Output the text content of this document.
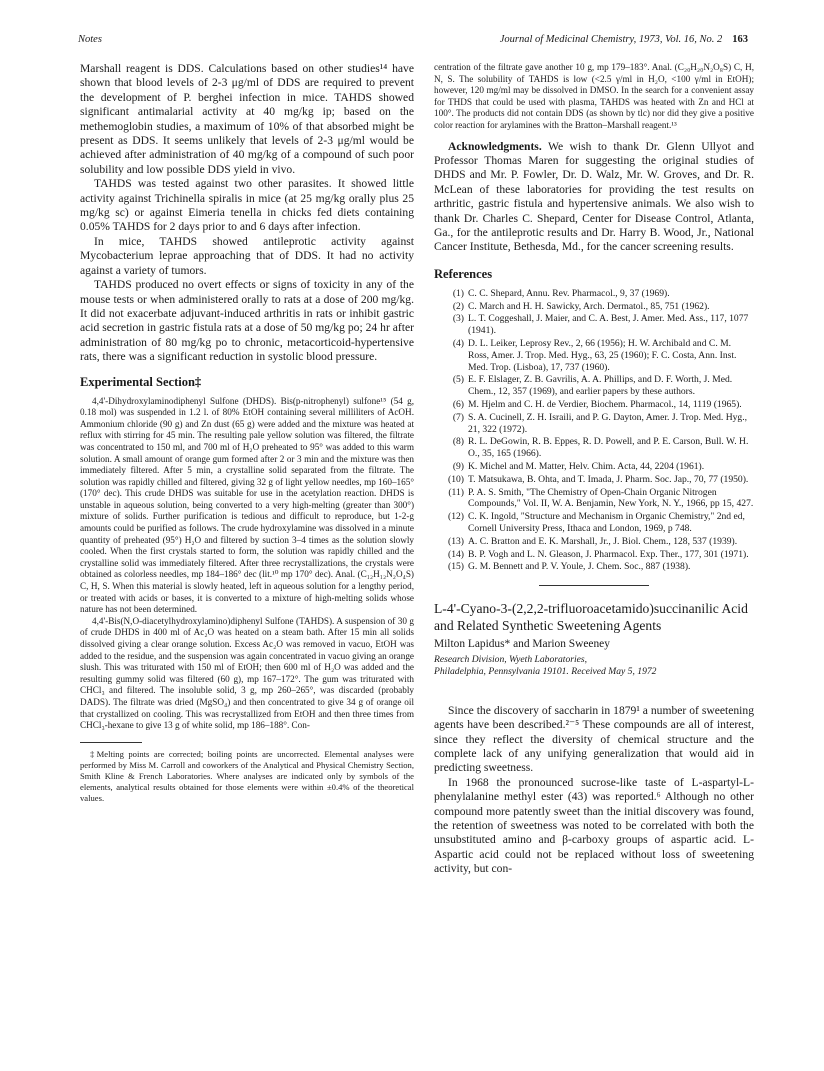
Notes	Journal of Medicinal Chemistry, 1973, Vol. 16, No. 2 163

Marshall reagent is DDS. Calculations based on other studies¹⁴ have shown that blood levels of 2-3 μg/ml of DDS are required to prevent the development of P. berghei infection in mice. TAHDS showed significant antimalarial activity at 40 mg/kg ip; based on the methemoglobin studies, a maximum of 10% of that absorbed might be present as DDS. It seems unlikely that levels of 2-3 μg/ml would be achieved after administration of 40 mg/kg of a compound of such poor solubility and low possible DDS yield in vivo.

TAHDS was tested against two other parasites. It showed little activity against Trichinella spiralis in mice (at 25 mg/kg orally plus 25 mg/kg sc) or against Eimeria tenella in chicks fed diets containing 0.05% TAHDS for 2 days prior to and 6 days after infection.

In mice, TAHDS showed antileprotic activity against Mycobacterium leprae approaching that of DDS. It had no activity against a variety of tumors.

TAHDS produced no overt effects or signs of toxicity in any of the mouse tests or when administered orally to rats at a dose of 200 mg/kg. It did not exacerbate adjuvant-induced arthritis in rats or inhibit gastric acid secretion in gastric fistula rats at a dose of 50 mg/kg po; 24 hr after administration of 80 mg/kg po to chronic, metacorticoid-hypertensive rats, there was a significant reduction in systolic blood pressure.

Experimental Section‡

4,4'-Dihydroxylaminodiphenyl Sulfone (DHDS). Bis(p-nitrophenyl) sulfone¹⁵ (54 g, 0.18 mol) was suspended in 1.2 l. of 80% EtOH containing several milliliters of AcOH. Ammonium chloride (90 g) and Zn dust (65 g) were added and the mixture was heated at reflux with stirring for 45 min. The resulting pale yellow solution was filtered, the filtrate was concentrated to 150 ml, and 700 ml of H₂O preheated to 95° was added to this warm solution. A small amount of orange gum formed after 2 or 3 min and the mixture was then immediately filtered. After 5 min, a crystalline solid separated from the filtrate. The solution was rapidly chilled and filtered, giving 32 g of light yellow needles, mp 160–165° (170° dec). This crude DHDS was suitable for use in the acetylation reaction. DHDS is unstable in aqueous solution, being converted to a very high-melting (greater than 300°) mixture of solids. Further purification is tedious and difficult to reproduce, but 1-2-g amounts could be purified as follows. The crude hydroxylamine was dissolved in a minute quantity of preheated (95°) H₂O and filtered by suction 3–4 times as the solution slowly cooled. When the first crystals started to form, the solution was rapidly chilled and the crystalline solid was immediately filtered. After three recrystallizations, the crystals were obtained as colorless needles, mp 184–186° dec (lit.¹⁰ mp 170° dec). Anal. (C₁₂H₁₂N₂O₄S) C, H, S. When this material is slowly heated, left in aqueous solution for a lengthy period, or treated with acids or bases, it is converted to a mixture of high-melting solids whose nature has not been determined.

4,4'-Bis(N,O-diacetylhydroxylamino)diphenyl Sulfone (TAHDS). A suspension of 30 g of crude DHDS in 400 ml of Ac₂O was heated on a steam bath. After 15 min all solids dissolved giving a clear orange solution. Excess Ac₂O was removed in vacuo, EtOH was added to the residue, and the suspension was again concentrated in vacuo giving an orange slush. This was triturated with 150 ml of EtOH; then 600 ml of H₂O was added and the resulting gummy solid was filtered (60 g), mp 167–172°. The gum was triturated with CHCl₃ and filtered. The insoluble solid, 3 g, mp 260–265°, was discarded (probably DADS). The filtrate was dried (MgSO₄) and then concentrated to give 34 g of orange oil that crystallized on cooling. This was recrystallized from EtOH and then three times from CHCl₃-hexane to give 13 g of white solid, mp 186–188°. Con-

‡Melting points are corrected; boiling points are uncorrected. Elemental analyses were performed by Miss M. Carroll and coworkers of the Analytical and Physical Chemistry Section, Smith Kline & French Laboratories. Where analyses are indicated only by symbols of the elements, analytical results obtained for those elements were within ±0.4% of the theoretical values.

centration of the filtrate gave another 10 g, mp 179–183°. Anal. (C₂₀H₂₀N₂O₈S) C, H, N, S. The solubility of TAHDS is low (<2.5 γ/ml in H₂O, <100 γ/ml in EtOH); however, 120 mg/ml may be dissolved in DMSO. In the search for a convenient assay for THDS that could be used with plasma, TAHDS was heated with Zn and HCl at 100°. The products did not contain DDS (as shown by tlc) nor did they give a positive color reaction for arylamines with the Bratton–Marshall reagent.¹³

Acknowledgments. We wish to thank Dr. Glenn Ullyot and Professor Thomas Maren for suggesting the original studies of DHDS and Mr. P. Fowler, Dr. D. Walz, Mr. W. Groves, and Dr. R. McLean of these laboratories for providing the test results on arthritic, gastric fistula and hypertensive animals. We also wish to thank Dr. Charles C. Shepard, Center for Disease Control, Atlanta, Ga., for the antileprotic results and Dr. Harry B. Wood, Jr., National Cancer Institute, Bethesda, Md., for the cancer screening results.

References
(1) C. C. Shepard, Annu. Rev. Pharmacol., 9, 37 (1969).
(2) C. March and H. H. Sawicky, Arch. Dermatol., 85, 751 (1962).
(3) L. T. Coggeshall, J. Maier, and C. A. Best, J. Amer. Med. Ass., 117, 1077 (1941).
(4) D. L. Leiker, Leprosy Rev., 2, 66 (1956); H. W. Archibald and C. M. Ross, Amer. J. Trop. Med. Hyg., 63, 25 (1960); F. C. Costa, Ann. Inst. Med. Trop. (Lisboa), 17, 737 (1960).
(5) E. F. Elslager, Z. B. Gavrilis, A. A. Phillips, and D. F. Worth, J. Med. Chem., 12, 357 (1969), and earlier papers by these authors.
(6) M. Hjelm and C. H. de Verdier, Biochem. Pharmacol., 14, 1119 (1965).
(7) S. A. Cucinell, Z. H. Israili, and P. G. Dayton, Amer. J. Trop. Med. Hyg., 21, 322 (1972).
(8) R. L. DeGowin, R. B. Eppes, R. D. Powell, and P. E. Carson, Bull. W. H. O., 35, 165 (1966).
(9) K. Michel and M. Matter, Helv. Chim. Acta, 44, 2204 (1961).
(10) T. Matsukawa, B. Ohta, and T. Imada, J. Pharm. Soc. Jap., 70, 77 (1950).
(11) P. A. S. Smith, "The Chemistry of Open-Chain Organic Nitrogen Compounds," Vol. II, W. A. Benjamin, New York, N. Y., 1966, pp 15, 427.
(12) C. K. Ingold, "Structure and Mechanism in Organic Chemistry," 2nd ed, Cornell University Press, Ithaca and London, 1969, p 748.
(13) A. C. Bratton and E. K. Marshall, Jr., J. Biol. Chem., 128, 537 (1939).
(14) B. P. Vogh and L. N. Gleason, J. Pharmacol. Exp. Ther., 177, 301 (1971).
(15) G. M. Bennett and P. V. Youle, J. Chem. Soc., 887 (1938).

L-4'-Cyano-3-(2,2,2-trifluoroacetamido)succinanilic Acid and Related Synthetic Sweetening Agents

Milton Lapidus* and Marion Sweeney

Research Division, Wyeth Laboratories,
Philadelphia, Pennsylvania 19101. Received May 5, 1972

Since the discovery of saccharin in 1879¹ a number of sweetening agents have been described.²⁻⁵ These compounds are all of interest, since they reflect the diversity of chemical structure and the complete lack of any unifying generalization that would aid in predicting sweetness.

In 1968 the pronounced sucrose-like taste of L-aspartyl-L-phenylalanine methyl ester (43) was reported.⁶ Although no other compound more patently sweet than the initial discovery was found, the retention of sweetness was noted to be correlated with both the unsubstituted amino and β-carboxy groups of aspartic acid. L-Aspartic acid could not be replaced without loss of sweetening activity, but con-
